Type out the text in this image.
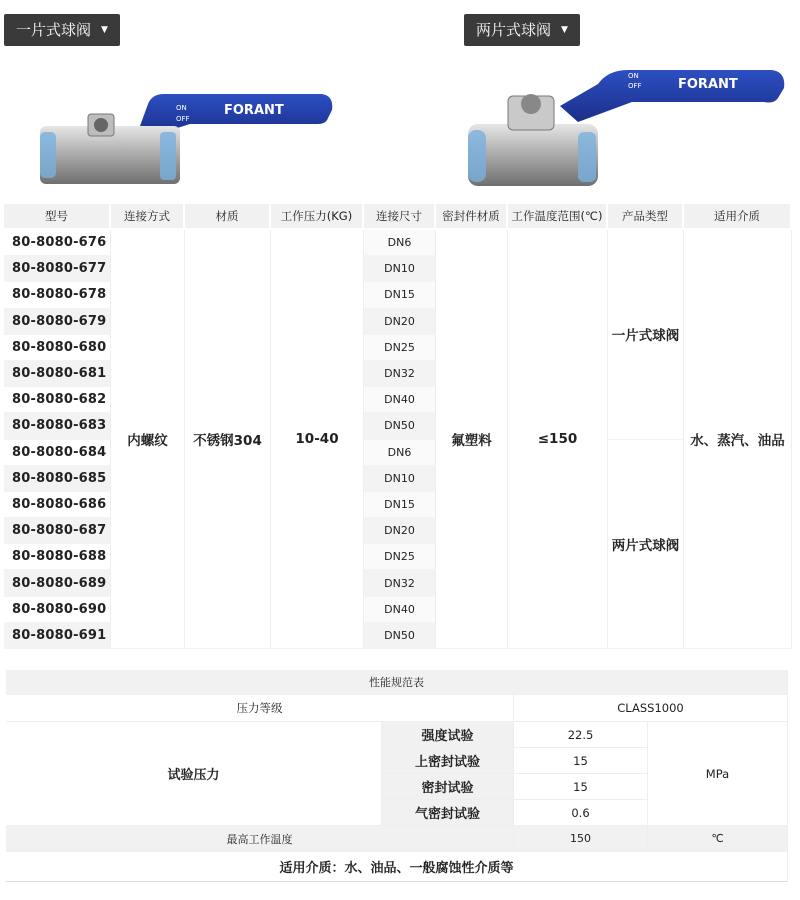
一片式球阀 ▼	两片式球阀 ▼
ON
OFF
FORANT
ON
OFF	FORANT
型号	连接方式	材质	工作压力(KG)	连接尺寸	密封件材质	工作温度范围(℃)	产品类型	适用介质
80-8080-676	内螺纹	不锈钢304	10-40	DN6	氟塑料	≤150	一片式球阀	水、蒸汽、油品
80-8080-677				DN10				
80-8080-678				DN15				
80-8080-679				DN20				
80-8080-680				DN25				
80-8080-681				DN32				
80-8080-682				DN40				
80-8080-683				DN50				
80-8080-684				DN6			两片式球阀	
80-8080-685				DN10				
80-8080-686				DN15				
80-8080-687				DN20				
80-8080-688				DN25				
80-8080-689				DN32				
80-8080-690				DN40				
80-8080-691				DN50				
性能规范表			
压力等级		CLASS1000	
试验压力	强度试验	22.5	MPa
	上密封试验	15	
	密封试验	15	
	气密封试验	0.6	
最高工作温度		150	℃
适用介质：水、油品、一般腐蚀性介质等			
